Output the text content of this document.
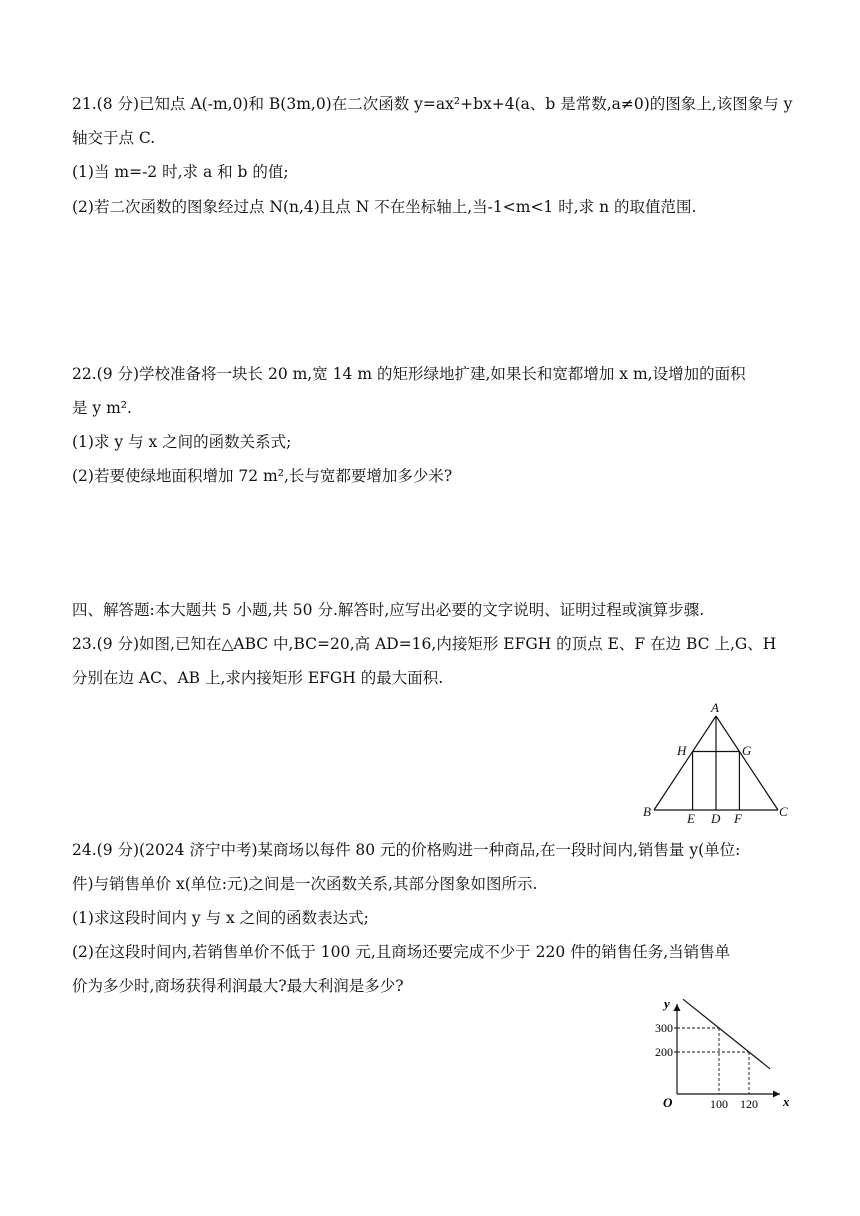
21.(8 分)已知点 A(-m,0)和 B(3m,0)在二次函数 y=ax²+bx+4(a、b 是常数,a≠0)的图象上,该图象与 y
轴交于点 C.
(1)当 m=-2 时,求 a 和 b 的值;
(2)若二次函数的图象经过点 N(n,4)且点 N 不在坐标轴上,当-1<m<1 时,求 n 的取值范围.
22.(9 分)学校准备将一块长 20 m,宽 14 m 的矩形绿地扩建,如果长和宽都增加 x m,设增加的面积
是 y m².
(1)求 y 与 x 之间的函数关系式;
(2)若要使绿地面积增加 72 m²,长与宽都要增加多少米?
四、解答题:本大题共 5 小题,共 50 分.解答时,应写出必要的文字说明、证明过程或演算步骤.
23.(9 分)如图,已知在△ABC 中,BC=20,高 AD=16,内接矩形 EFGH 的顶点 E、F 在边 BC 上,G、H
分别在边 AC、AB 上,求内接矩形 EFGH 的最大面积.
A
H	G
B	C
E D F
24.(9 分)(2024 济宁中考)某商场以每件 80 元的价格购进一种商品,在一段时间内,销售量 y(单位:
件)与销售单价 x(单位:元)之间是一次函数关系,其部分图象如图所示.
(1)求这段时间内 y 与 x 之间的函数表达式;
(2)在这段时间内,若销售单价不低于 100 元,且商场还要完成不少于 220 件的销售任务,当销售单
价为多少时,商场获得利润最大?最大利润是多少?
300
100
200
120
y
x
O
